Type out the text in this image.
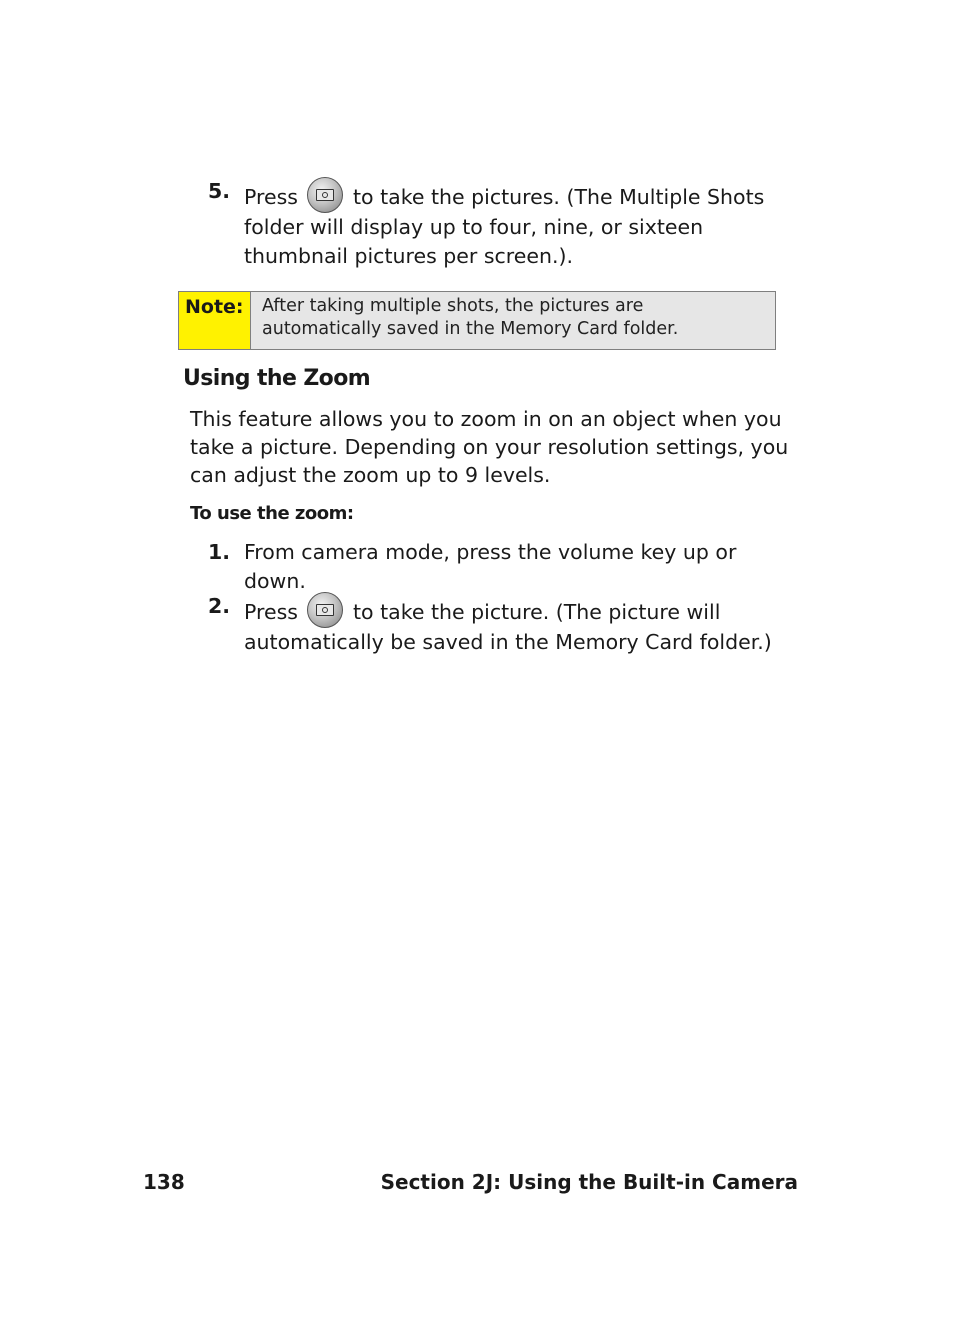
5. Press	to take the pictures. (The Multiple Shots folder will display up to four, nine, or sixteen thumbnail pictures per screen.).
Note:	After taking multiple shots, the pictures are automatically saved in the Memory Card folder.
Using the Zoom
This feature allows you to zoom in on an object when you take a picture. Depending on your resolution settings, you can adjust the zoom up to 9 levels.
To use the zoom:
1. From camera mode, press the volume key up or down.
2. Press	to take the picture. (The picture will automatically be saved in the Memory Card folder.)
138	Section 2J: Using the Built-in Camera
